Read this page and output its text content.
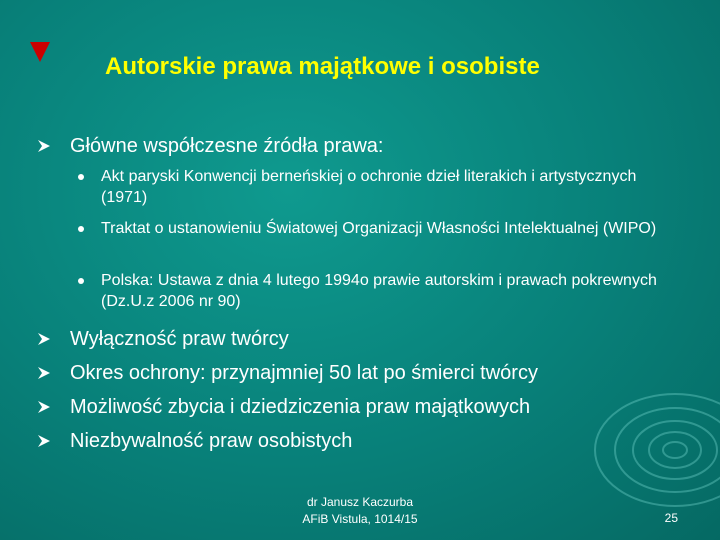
Autorskie prawa majątkowe i osobiste
Główne współczesne źródła prawa:
Akt paryski Konwencji berneńskiej o ochronie dzieł literakich i artystycznych (1971)
Traktat o ustanowieniu Światowej Organizacji Własności Intelektualnej (WIPO)
Polska: Ustawa z dnia 4 lutego 1994o prawie autorskim i prawach pokrewnych (Dz.U.z 2006 nr 90)
Wyłączność praw twórcy
Okres ochrony: przynajmniej 50 lat po śmierci twórcy
Możliwość zbycia i dziedziczenia praw majątkowych
Niezbywalność praw osobistych
dr Janusz Kaczurba
AFiB Vistula, 1014/15	25
